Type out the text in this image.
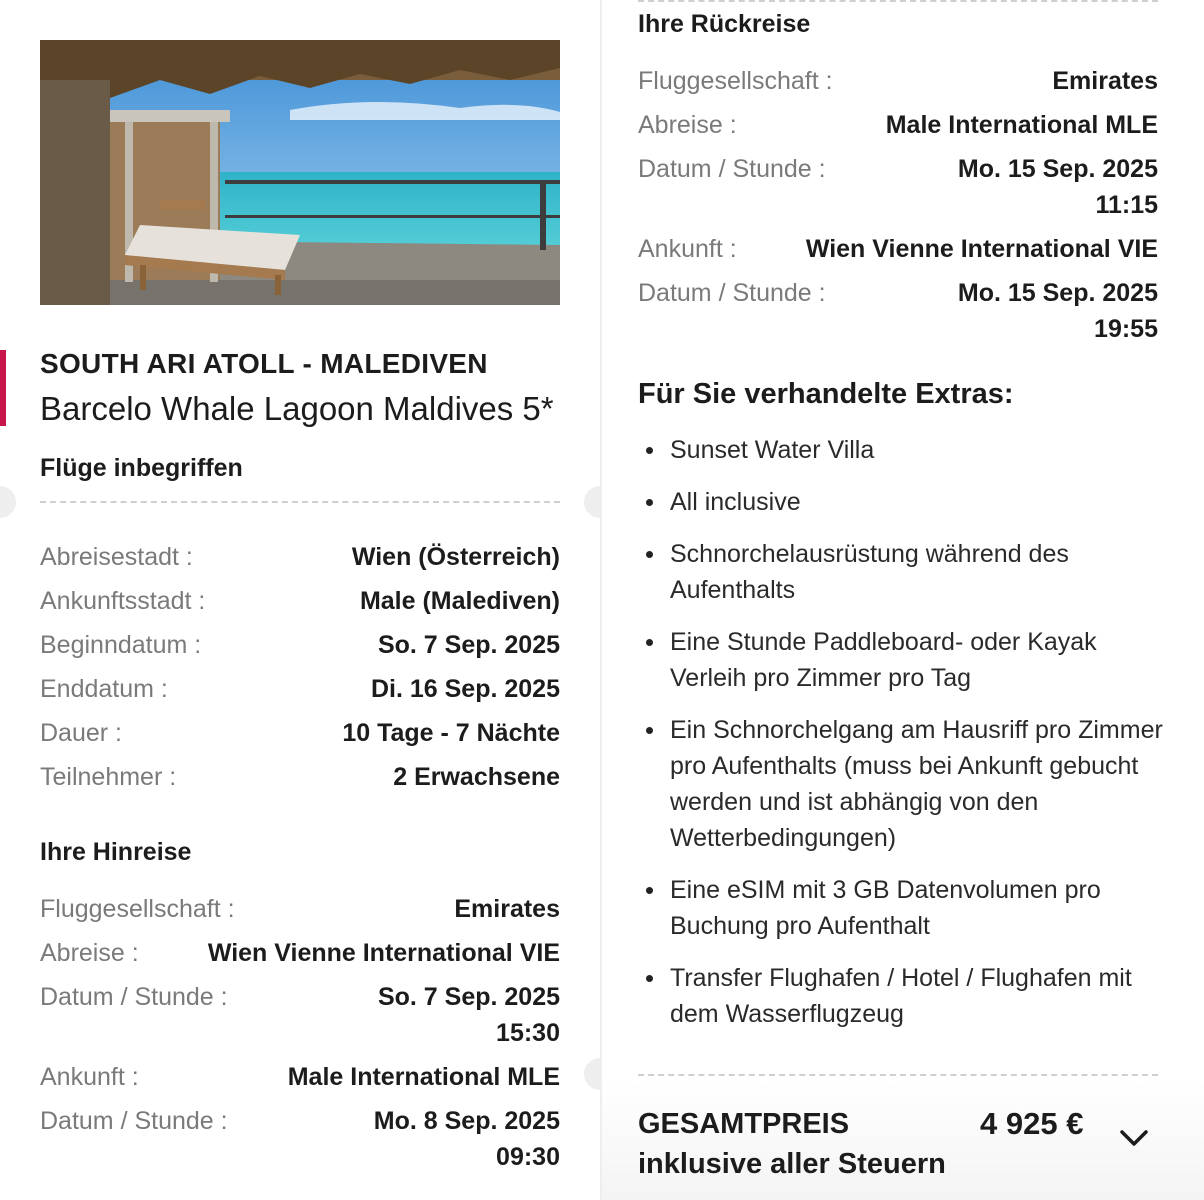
SOUTH ARI ATOLL - MALEDIVEN
Barcelo Whale Lagoon Maldives 5*
Flüge inbegriffen
Abreisestadt :	Wien (Österreich)
Ankunftsstadt :	Male (Malediven)
Beginndatum :	So. 7 Sep. 2025
Enddatum :	Di. 16 Sep. 2025
Dauer :	10 Tage - 7 Nächte
Teilnehmer :	2 Erwachsene
Ihre Hinreise
Fluggesellschaft :	Emirates
Abreise :	Wien Vienne International VIE
Datum / Stunde :	So. 7 Sep. 2025
15:30
Ankunft :	Male International MLE
Datum / Stunde :	Mo. 8 Sep. 2025
09:30
Ihre Rückreise
Fluggesellschaft :	Emirates
Abreise :	Male International MLE
Datum / Stunde :	Mo. 15 Sep. 2025
11:15
Ankunft :	Wien Vienne International VIE
Datum / Stunde :	Mo. 15 Sep. 2025
19:55
Für Sie verhandelte Extras:
Sunset Water Villa
All inclusive
Schnorchelausrüstung während des Aufenthalts
Eine Stunde Paddleboard- oder Kayak Verleih pro Zimmer pro Tag
Ein Schnorchelgang am Hausriff pro Zimmer pro Aufenthalts (muss bei Ankunft gebucht werden und ist abhängig von den Wetterbedingungen)
Eine eSIM mit 3 GB Datenvolumen pro Buchung pro Aufenthalt
Transfer Flughafen / Hotel / Flughafen mit dem Wasserflugzeug
GESAMTPREIS inklusive aller Steuern
4 925 €
